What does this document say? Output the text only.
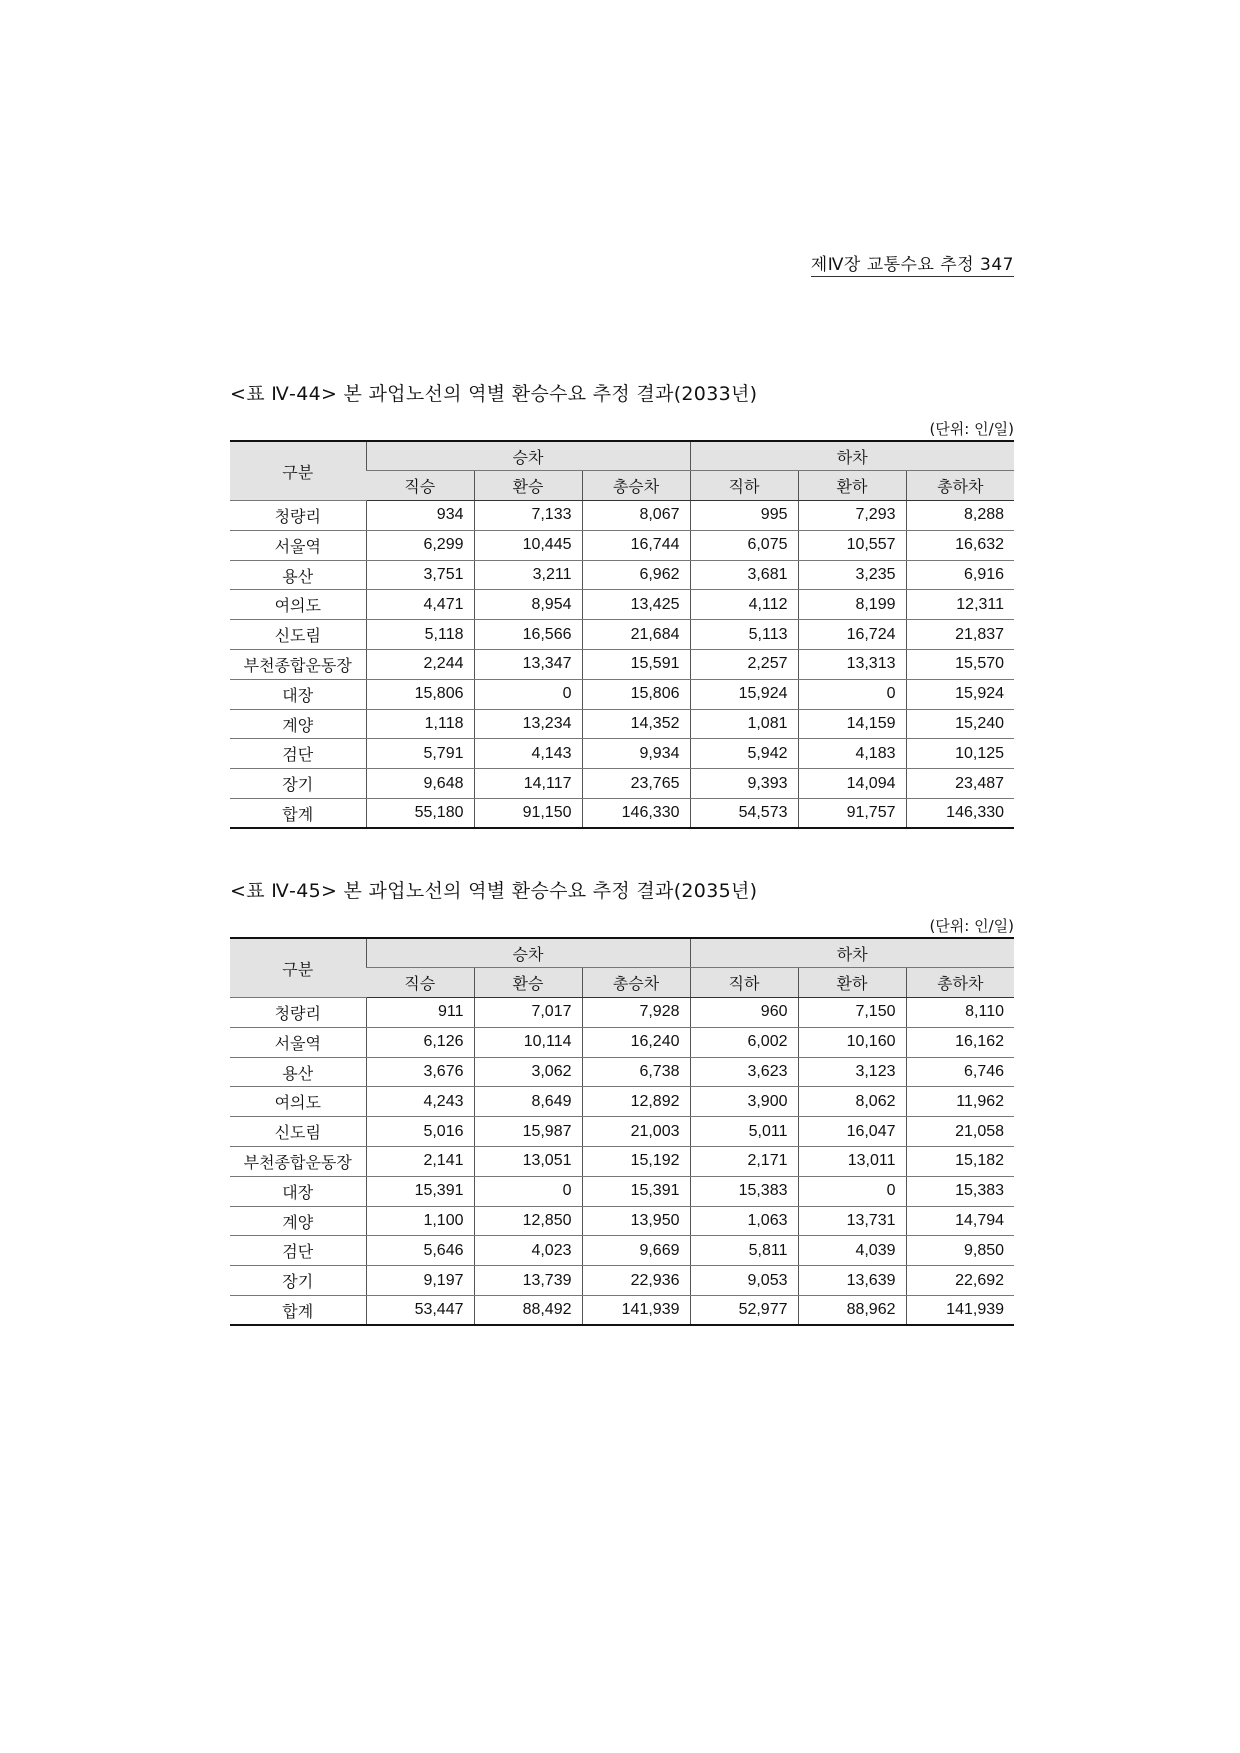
제Ⅳ장 교통수요 추정 347
<표 Ⅳ-44> 본 과업노선의 역별 환승수요 추정 결과(2033년)
(단위: 인/일)
구분	승차			하차		
	직승	환승	총승차	직하	환하	총하차
청량리	934	7,133	8,067	995	7,293	8,288
서울역	6,299	10,445	16,744	6,075	10,557	16,632
용산	3,751	3,211	6,962	3,681	3,235	6,916
여의도	4,471	8,954	13,425	4,112	8,199	12,311
신도림	5,118	16,566	21,684	5,113	16,724	21,837
부천종합운동장	2,244	13,347	15,591	2,257	13,313	15,570
대장	15,806	0	15,806	15,924	0	15,924
계양	1,118	13,234	14,352	1,081	14,159	15,240
검단	5,791	4,143	9,934	5,942	4,183	10,125
장기	9,648	14,117	23,765	9,393	14,094	23,487
합계	55,180	91,150	146,330	54,573	91,757	146,330
<표 Ⅳ-45> 본 과업노선의 역별 환승수요 추정 결과(2035년)
(단위: 인/일)
구분	승차			하차		
	직승	환승	총승차	직하	환하	총하차
청량리	911	7,017	7,928	960	7,150	8,110
서울역	6,126	10,114	16,240	6,002	10,160	16,162
용산	3,676	3,062	6,738	3,623	3,123	6,746
여의도	4,243	8,649	12,892	3,900	8,062	11,962
신도림	5,016	15,987	21,003	5,011	16,047	21,058
부천종합운동장	2,141	13,051	15,192	2,171	13,011	15,182
대장	15,391	0	15,391	15,383	0	15,383
계양	1,100	12,850	13,950	1,063	13,731	14,794
검단	5,646	4,023	9,669	5,811	4,039	9,850
장기	9,197	13,739	22,936	9,053	13,639	22,692
합계	53,447	88,492	141,939	52,977	88,962	141,939
